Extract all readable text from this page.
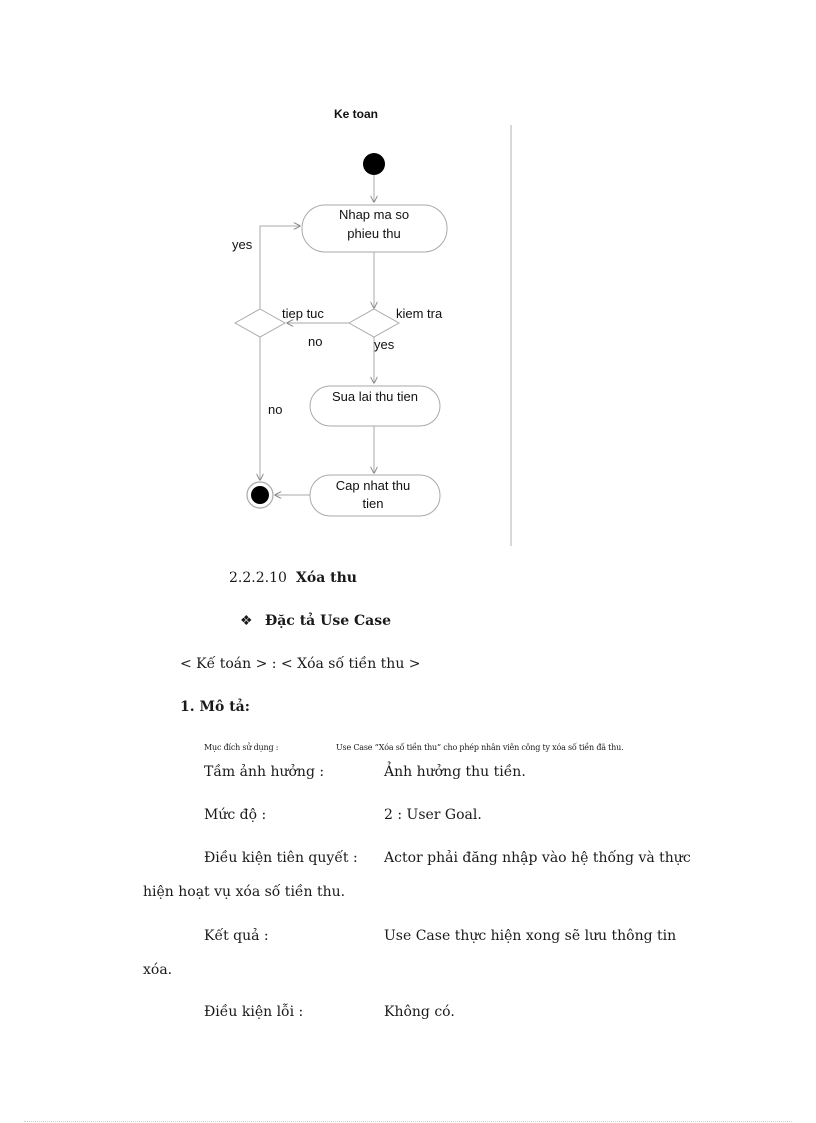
Ke toan
Nhap ma so
phieu thu
kiem tra
tiep tuc
no
yes
yes
Sua lai thu tien
Cap nhat thu
tien
no
2.2.2.10 Xóa thu
❖ Đặc tả Use Case
< Kế toán > : < Xóa số tiền thu >
1. Mô tả:
Mục đích sử dụng :	Use Case “Xóa số tiền thu” cho phép nhân viên công ty xóa số tiền đã thu.
Tầm ảnh hưởng :	Ảnh hưởng thu tiền.
Mức độ :	2 : User Goal.
Điều kiện tiên quyết : Actor phải đăng nhập vào hệ thống và thực
hiện hoạt vụ xóa số tiền thu.
Kết quả :	Use Case thực hiện xong sẽ lưu thông tin
xóa.
Điều kiện lỗi :	Không có.
